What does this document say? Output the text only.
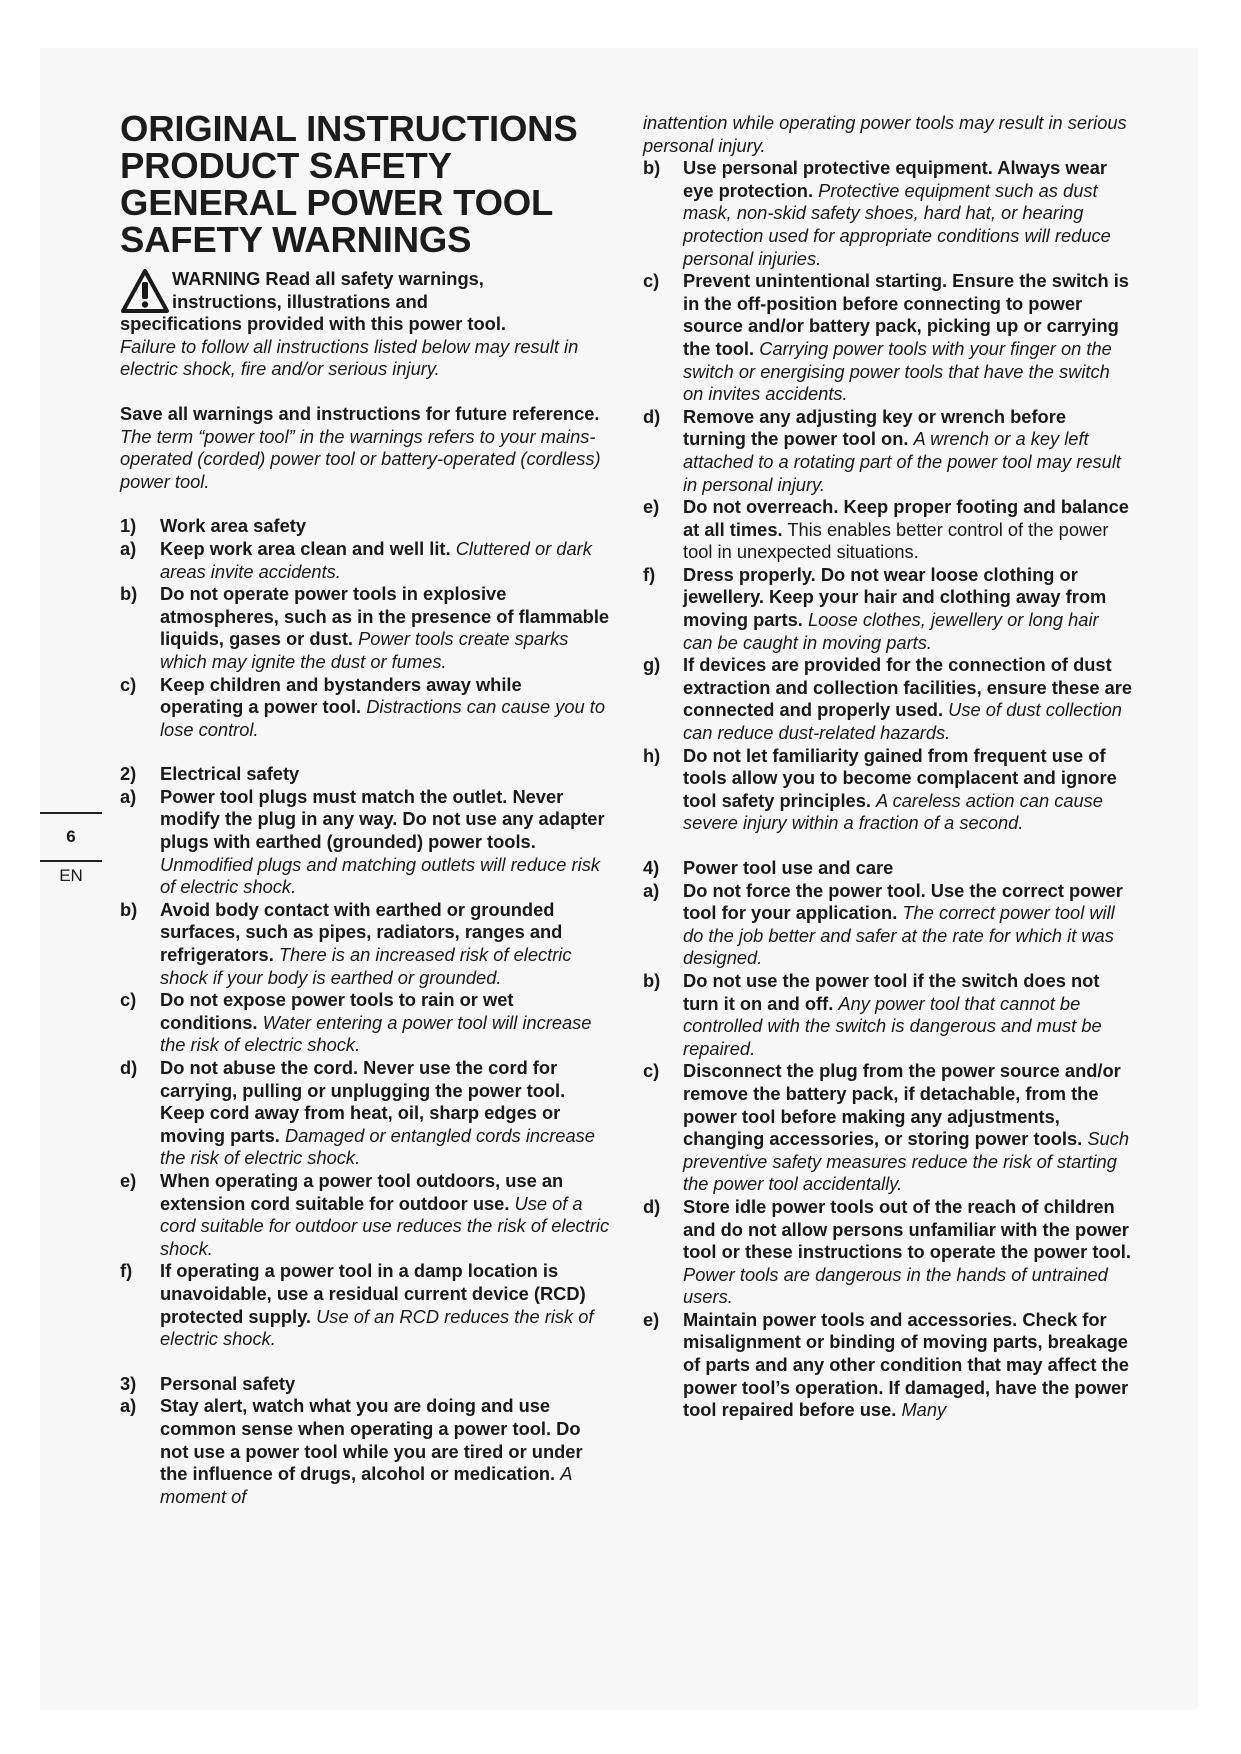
6
EN
ORIGINAL INSTRUCTIONS
PRODUCT SAFETY
GENERAL POWER TOOL
SAFETY WARNINGS
WARNING Read all safety warnings,
instructions, illustrations and
specifications provided with this power tool.

Failure to follow all instructions listed below may result in electric shock, fire and/or serious injury.

Save all warnings and instructions for future reference.

The term “power tool” in the warnings refers to your mains-operated (corded) power tool or battery-operated (cordless) power tool.

1) Work area safety

a) Keep work area clean and well lit. Cluttered or dark areas invite accidents.

b) Do not operate power tools in explosive atmospheres, such as in the presence of flammable liquids, gases or dust. Power tools create sparks which may ignite the dust or fumes.

c) Keep children and bystanders away while operating a power tool. Distractions can cause you to lose control.

2) Electrical safety

a) Power tool plugs must match the outlet. Never modify the plug in any way. Do not use any adapter plugs with earthed (grounded) power tools. Unmodified plugs and matching outlets will reduce risk of electric shock.

b) Avoid body contact with earthed or grounded surfaces, such as pipes, radiators, ranges and refrigerators. There is an increased risk of electric shock if your body is earthed or grounded.

c) Do not expose power tools to rain or wet conditions. Water entering a power tool will increase the risk of electric shock.

d) Do not abuse the cord. Never use the cord for carrying, pulling or unplugging the power tool. Keep cord away from heat, oil, sharp edges or moving parts. Damaged or entangled cords increase the risk of electric shock.

e) When operating a power tool outdoors, use an extension cord suitable for outdoor use. Use of a cord suitable for outdoor use reduces the risk of electric shock.

f) If operating a power tool in a damp location is unavoidable, use a residual current device (RCD) protected supply. Use of an RCD reduces the risk of electric shock.

3) Personal safety

a) Stay alert, watch what you are doing and use common sense when operating a power tool. Do not use a power tool while you are tired or under the influence of drugs, alcohol or medication. A moment of

inattention while operating power tools may result in serious personal injury.

b) Use personal protective equipment. Always wear eye protection. Protective equipment such as dust mask, non-skid safety shoes, hard hat, or hearing protection used for appropriate conditions will reduce personal injuries.

c) Prevent unintentional starting. Ensure the switch is in the off-position before connecting to power source and/or battery pack, picking up or carrying the tool. Carrying power tools with your finger on the switch or energising power tools that have the switch on invites accidents.

d) Remove any adjusting key or wrench before turning the power tool on. A wrench or a key left attached to a rotating part of the power tool may result in personal injury.

e) Do not overreach. Keep proper footing and balance at all times. This enables better control of the power tool in unexpected situations.

f) Dress properly. Do not wear loose clothing or jewellery. Keep your hair and clothing away from moving parts. Loose clothes, jewellery or long hair can be caught in moving parts.

g) If devices are provided for the connection of dust extraction and collection facilities, ensure these are connected and properly used. Use of dust collection can reduce dust-related hazards.

h) Do not let familiarity gained from frequent use of tools allow you to become complacent and ignore tool safety principles. A careless action can cause severe injury within a fraction of a second.

4) Power tool use and care

a) Do not force the power tool. Use the correct power tool for your application. The correct power tool will do the job better and safer at the rate for which it was designed.

b) Do not use the power tool if the switch does not turn it on and off. Any power tool that cannot be controlled with the switch is dangerous and must be repaired.

c) Disconnect the plug from the power source and/or remove the battery pack, if detachable, from the power tool before making any adjustments, changing accessories, or storing power tools. Such preventive safety measures reduce the risk of starting the power tool accidentally.

d) Store idle power tools out of the reach of children and do not allow persons unfamiliar with the power tool or these instructions to operate the power tool. Power tools are dangerous in the hands of untrained users.

e) Maintain power tools and accessories. Check for misalignment or binding of moving parts, breakage of parts and any other condition that may affect the power tool’s operation. If damaged, have the power tool repaired before use. Many
